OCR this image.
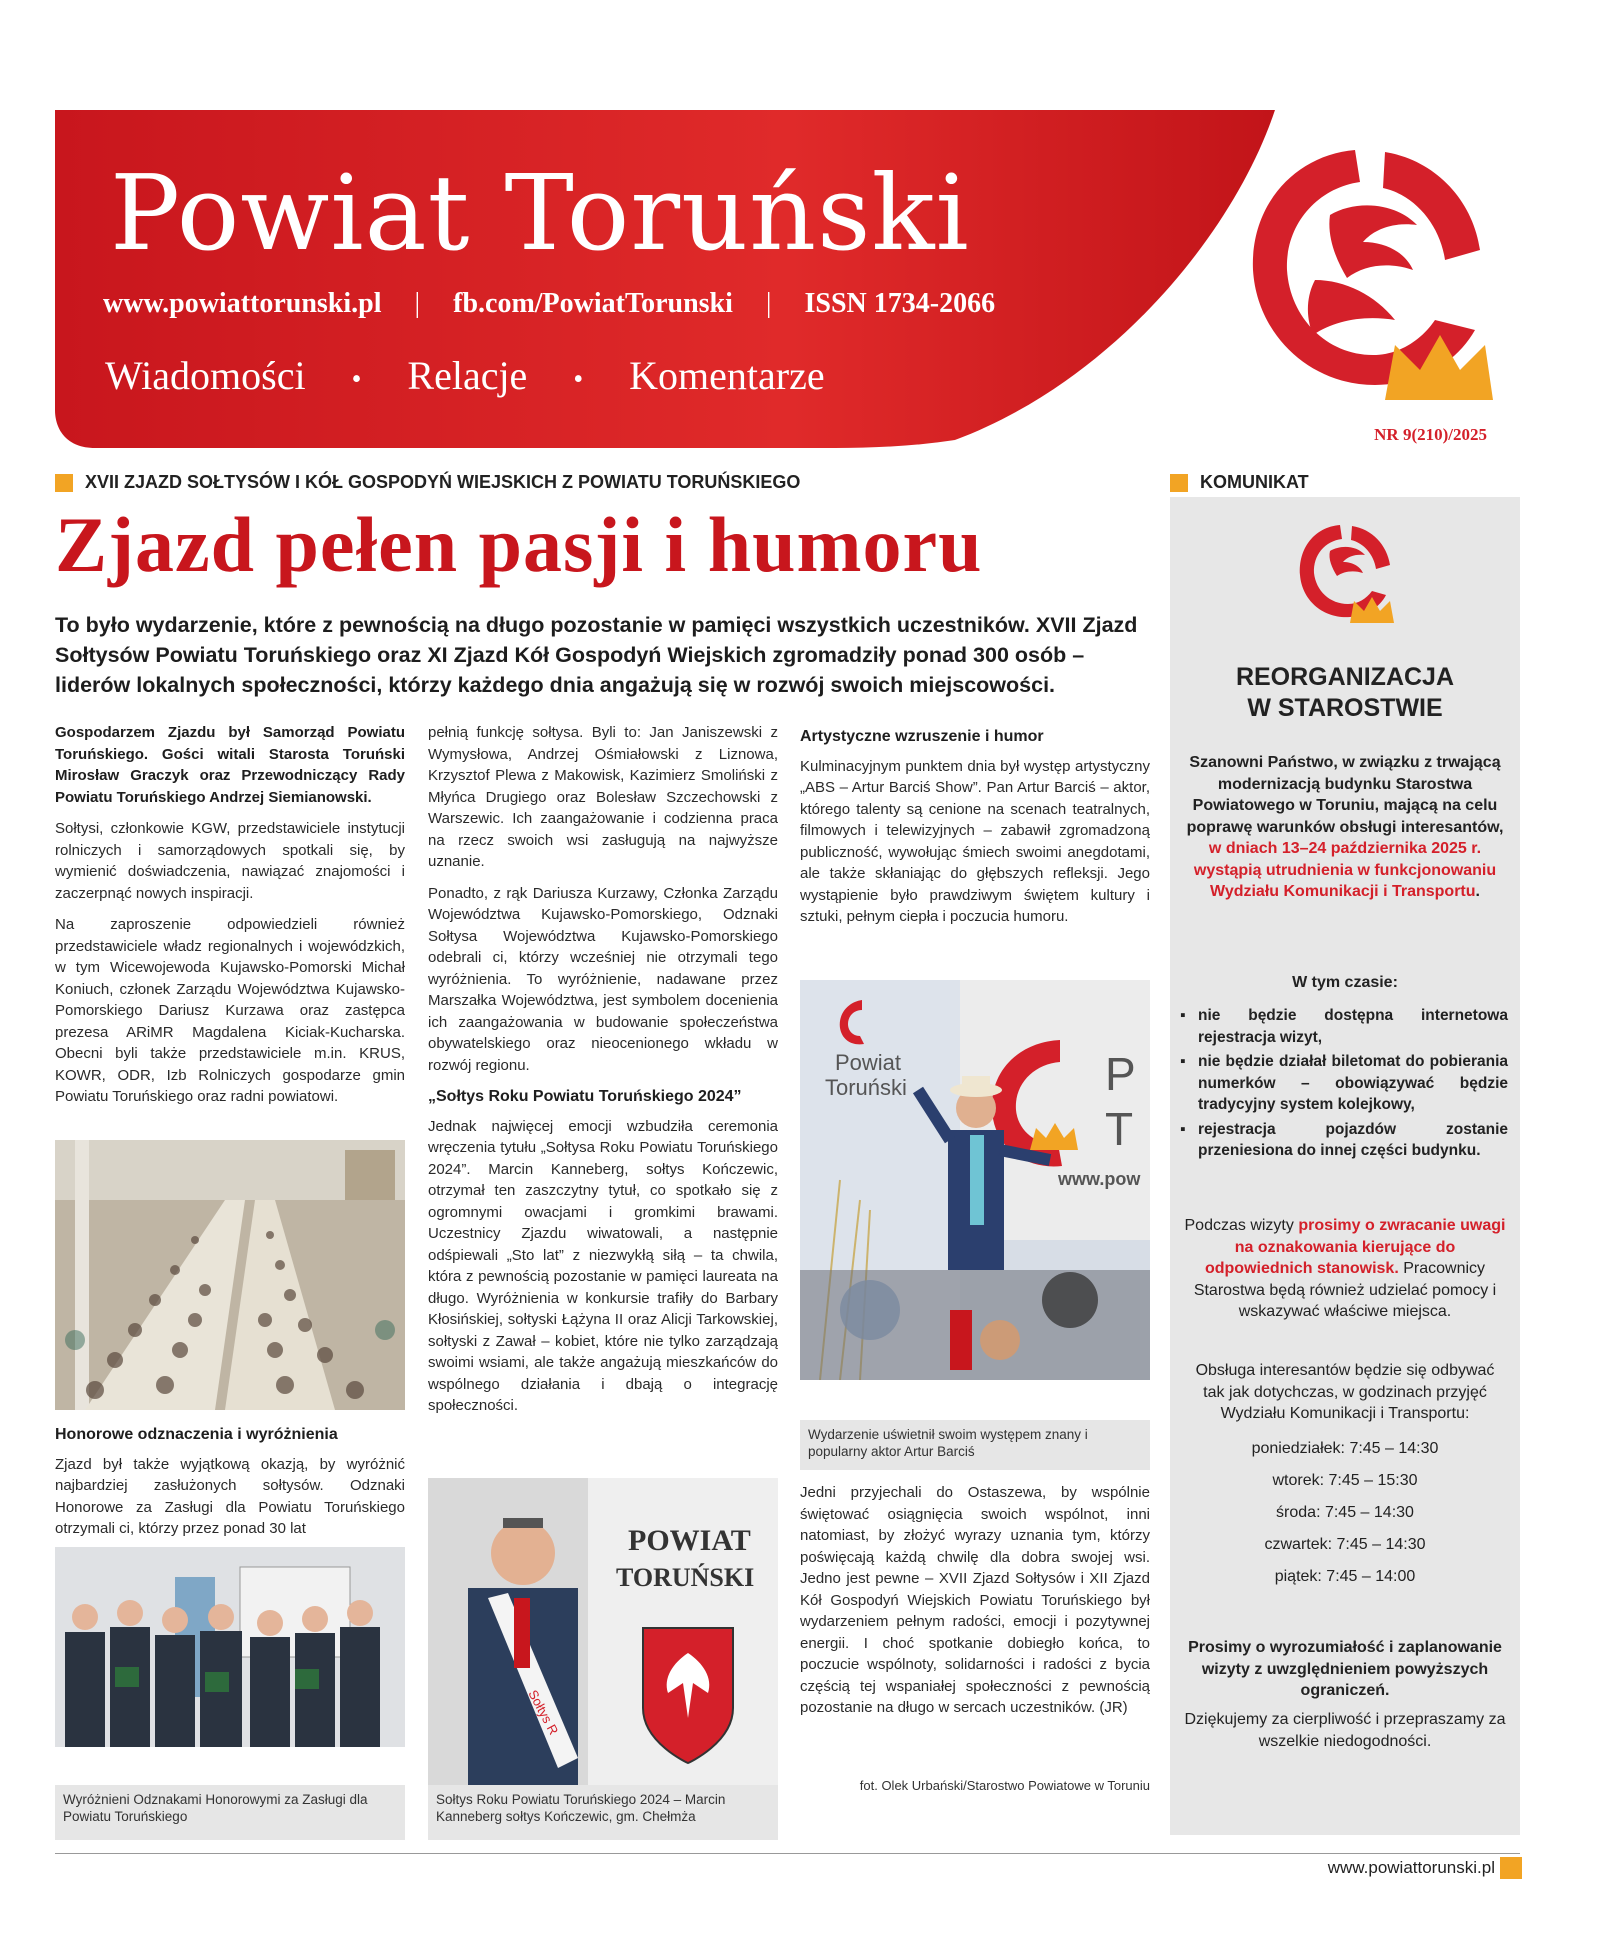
Powiat Toruński
www.powiattorunski.pl | fb.com/PowiatTorunski | ISSN 1734-2066
Wiadomości • Relacje • Komentarze
NR 9(210)/2025
XVII ZJAZD SOŁTYSÓW I KÓŁ GOSPODYŃ WIEJSKICH Z POWIATU TORUŃSKIEGO
Zjazd pełen pasji i humoru
To było wydarzenie, które z pewnością na długo pozostanie w pamięci wszystkich uczestników. XVII Zjazd Sołtysów Powiatu Toruńskiego oraz XI Zjazd Kół Gospodyń Wiejskich zgromadziły ponad 300 osób – liderów lokalnych społeczności, którzy każdego dnia angażują się w rozwój swoich miejscowości.

Gospodarzem Zjazdu był Samorząd Powiatu Toruńskiego. Gości witali Starosta Toruński Mirosław Graczyk oraz Przewodniczący Rady Powiatu Toruńskiego Andrzej Siemianowski.

Sołtysi, członkowie KGW, przedstawiciele instytucji rolniczych i samorządowych spotkali się, by wymienić doświadczenia, nawiązać znajomości i zaczerpnąć nowych inspiracji.

Na zaproszenie odpowiedzieli również przedstawiciele władz regionalnych i wojewódzkich, w tym Wicewojewoda Kujawsko-Pomorski Michał Koniuch, członek Zarządu Województwa Kujawsko-Pomorskiego Dariusz Kurzawa oraz zastępca prezesa ARiMR Magdalena Kiciak-Kucharska. Obecni byli także przedstawiciele m.in. KRUS, KOWR, ODR, Izb Rolniczych gospodarze gmin Powiatu Toruńskiego oraz radni powiatowi.

Honorowe odznaczenia i wyróżnienia

Zjazd był także wyjątkową okazją, by wyróżnić najbardziej zasłużonych sołtysów. Odznaki Honorowe za Zasługi dla Powiatu Toruńskiego otrzymali ci, którzy przez ponad 30 lat

Wyróżnieni Odznakami Honorowymi za Zasługi dla Powiatu Toruńskiego

pełnią funkcję sołtysa. Byli to: Jan Janiszewski z Wymysłowa, Andrzej Ośmiałowski z Liznowa, Krzysztof Plewa z Makowisk, Kazimierz Smoliński z Młyńca Drugiego oraz Bolesław Szczechowski z Warszewic. Ich zaangażowanie i codzienna praca na rzecz swoich wsi zasługują na najwyższe uznanie.

Ponadto, z rąk Dariusza Kurzawy, Członka Zarządu Województwa Kujawsko-Pomorskiego, Odznaki Sołtysa Województwa Kujawsko-Pomorskiego odebrali ci, którzy wcześniej nie otrzymali tego wyróżnienia. To wyróżnienie, nadawane przez Marszałka Województwa, jest symbolem docenienia ich zaangażowania w budowanie społeczeństwa obywatelskiego oraz nieocenionego wkładu w rozwój regionu.

„Sołtys Roku Powiatu Toruńskiego 2024”

Jednak najwięcej emocji wzbudziła ceremonia wręczenia tytułu „Sołtysa Roku Powiatu Toruńskiego 2024”. Marcin Kanneberg, sołtys Kończewic, otrzymał ten zaszczytny tytuł, co spotkało się z ogromnymi owacjami i gromkimi brawami. Uczestnicy Zjazdu wiwatowali, a następnie odśpiewali „Sto lat” z niezwykłą siłą – ta chwila, która z pewnością pozostanie w pamięci laureata na długo. Wyróżnienia w konkursie trafiły do Barbary Kłosińskiej, sołtyski Łążyna II oraz Alicji Tarkowskiej, sołtyski z Zawał – kobiet, które nie tylko zarządzają swoimi wsiami, ale także angażują mieszkańców do wspólnego działania i dbają o integrację społeczności.

Sołtys R
POWIAT
TORUŃSKI
Sołtys Roku Powiatu Toruńskiego 2024 – Marcin Kanneberg sołtys Kończewic, gm. Chełmża
Artystyczne wzruszenie i humor

Kulminacyjnym punktem dnia był występ artystyczny „ABS – Artur Barciś Show”. Pan Artur Barciś – aktor, którego talenty są cenione na scenach teatralnych, filmowych i telewizyjnych – zabawił zgromadzoną publiczność, wywołując śmiech swoimi anegdotami, ale także skłaniając do głębszych refleksji. Jego wystąpienie było prawdziwym świętem kultury i sztuki, pełnym ciepła i poczucia humoru.

Powiat
Toruński	P
T
www.pow
Wydarzenie uświetnił swoim występem znany i popularny aktor Artur Barciś

Jedni przyjechali do Ostaszewa, by wspólnie świętować osiągnięcia swoich wspólnot, inni natomiast, by złożyć wyrazy uznania tym, którzy poświęcają każdą chwilę dla dobra swojej wsi. Jedno jest pewne – XVII Zjazd Sołtysów i XII Zjazd Kół Gospodyń Wiejskich Powiatu Toruńskiego był wydarzeniem pełnym radości, emocji i pozytywnej energii. I choć spotkanie dobiegło końca, to poczucie wspólnoty, solidarności i radości z bycia częścią tej wspaniałej społeczności z pewnością pozostanie na długo w sercach uczestników. (JR)

fot. Olek Urbański/Starostwo Powiatowe w Toruniu
KOMUNIKAT
REORGANIZACJA
W STAROSTWIE
Szanowni Państwo, w związku z trwającą modernizacją budynku Starostwa Powiatowego w Toruniu, mającą na celu poprawę warunków obsługi interesantów, w dniach 13–24 października 2025 r. wystąpią utrudnienia w funkcjonowaniu Wydziału Komunikacji i Transportu.
W tym czasie:
▪ nie będzie dostępna internetowa rejestracja wizyt,
▪ nie będzie działał biletomat do pobierania numerków – obowiązywać będzie tradycyjny system kolejkowy,
▪ rejestracja pojazdów zostanie przeniesiona do innej części budynku.
Podczas wizyty prosimy o zwracanie uwagi na oznakowania kierujące do odpowiednich stanowisk. Pracownicy Starostwa będą również udzielać pomocy i wskazywać właściwe miejsca.
Obsługa interesantów będzie się odbywać tak jak dotychczas, w godzinach przyjęć Wydziału Komunikacji i Transportu:
poniedziałek: 7:45 – 14:30
wtorek: 7:45 – 15:30
środa: 7:45 – 14:30
czwartek: 7:45 – 14:30
piątek: 7:45 – 14:00
Prosimy o wyrozumiałość i zaplanowanie wizyty z uwzględnieniem powyższych ograniczeń.
Dziękujemy za cierpliwość i przepraszamy za wszelkie niedogodności.
www.powiattorunski.pl
